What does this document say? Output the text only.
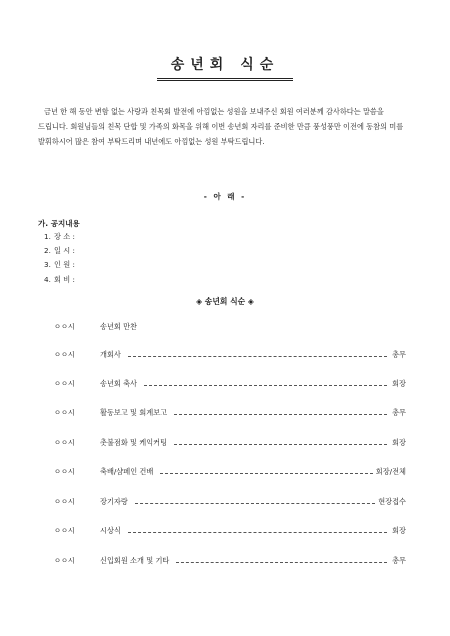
송년회 식순
금년 한 해 동안 변함 없는 사랑과 친목회 발전에 아낌없는 성원을 보내주신 회원 여러분께 감사하다는 말씀을 드립니다. 회원님들의 친목 단합 및 가족의 화목을 위해 이번 송년회 자리를 준비한 만큼 풍성풍만 이전에 동참의 미를 발휘하시어 많은 참여 부탁드리며 내년에도 아낌없는 성원 부탁드립니다.
- 아 래 -
가. 공지내용
1. 장 소 :
2. 일 시 :
3. 인 원 :
4. 회 비 :
◈ 송년회 식순 ◈
ㅇㅇ시	송년회 만찬
ㅇㅇ시	개회사	총무
ㅇㅇ시	송년회 축사	회장
ㅇㅇ시	활동보고 및 회계보고	총무
ㅇㅇ시	촛불점화 및 케익커팅	회장
ㅇㅇ시	축배/샴페인 건배	회장/전체
ㅇㅇ시	장기자랑	현장접수
ㅇㅇ시	시상식	회장
ㅇㅇ시	신입회원 소개 및 기타	총무
